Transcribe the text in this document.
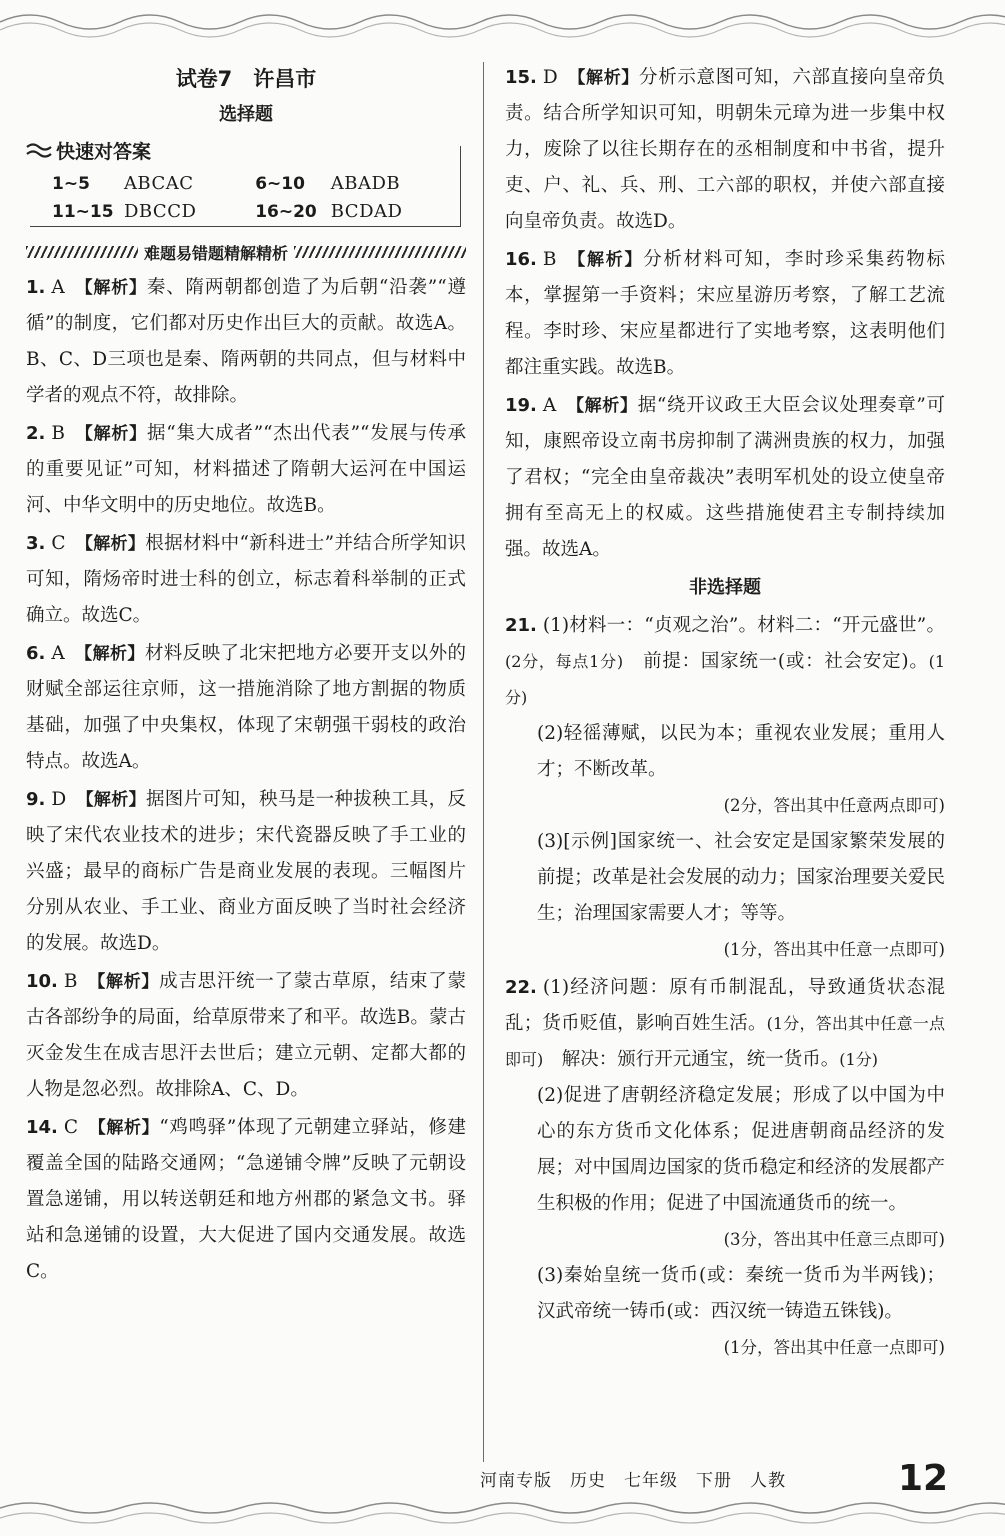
试卷7　许昌市
选择题
快速对答案
1~5	ABCAC	6~10	ABADB
11~15 DBCCD	16~20 BCDAD
难题易错题精解精析
1. A 【解析】秦、隋两朝都创造了为后朝“沿袭”“遵循”的制度，它们都对历史作出巨大的贡献。故选A。B、C、D三项也是秦、隋两朝的共同点，但与材料中学者的观点不符，故排除。
2. B 【解析】据“集大成者”“杰出代表”“发展与传承的重要见证”可知，材料描述了隋朝大运河在中国运河、中华文明中的历史地位。故选B。
3. C 【解析】根据材料中“新科进士”并结合所学知识可知，隋炀帝时进士科的创立，标志着科举制的正式确立。故选C。
6. A 【解析】材料反映了北宋把地方必要开支以外的财赋全部运往京师，这一措施消除了地方割据的物质基础，加强了中央集权，体现了宋朝强干弱枝的政治特点。故选A。
9. D 【解析】据图片可知，秧马是一种拔秧工具，反映了宋代农业技术的进步；宋代瓷器反映了手工业的兴盛；最早的商标广告是商业发展的表现。三幅图片分别从农业、手工业、商业方面反映了当时社会经济的发展。故选D。
10. B 【解析】成吉思汗统一了蒙古草原，结束了蒙古各部纷争的局面，给草原带来了和平。故选B。蒙古灭金发生在成吉思汗去世后；建立元朝、定都大都的人物是忽必烈。故排除A、C、D。
14. C 【解析】“鸡鸣驿”体现了元朝建立驿站，修建覆盖全国的陆路交通网；“急递铺令牌”反映了元朝设置急递铺，用以转送朝廷和地方州郡的紧急文书。驿站和急递铺的设置，大大促进了国内交通发展。故选C。
15. D 【解析】分析示意图可知，六部直接向皇帝负责。结合所学知识可知，明朝朱元璋为进一步集中权力，废除了以往长期存在的丞相制度和中书省，提升吏、户、礼、兵、刑、工六部的职权，并使六部直接向皇帝负责。故选D。
16. B 【解析】分析材料可知，李时珍采集药物标本，掌握第一手资料；宋应星游历考察，了解工艺流程。李时珍、宋应星都进行了实地考察，这表明他们都注重实践。故选B。
19. A 【解析】据“绕开议政王大臣会议处理奏章”可知，康熙帝设立南书房抑制了满洲贵族的权力，加强了君权；“完全由皇帝裁决”表明军机处的设立使皇帝拥有至高无上的权威。这些措施使君主专制持续加强。故选A。
非选择题
21. (1)材料一：“贞观之治”。材料二：“开元盛世”。(2分，每点1分)　前提：国家统一(或：社会安定)。(1分)
(2)轻徭薄赋，以民为本；重视农业发展；重用人才；不断改革。
(2分，答出其中任意两点即可)
(3)[示例]国家统一、社会安定是国家繁荣发展的前提；改革是社会发展的动力；国家治理要关爱民生；治理国家需要人才；等等。
(1分，答出其中任意一点即可)
22. (1)经济问题：原有币制混乱，导致通货状态混乱；货币贬值，影响百姓生活。(1分，答出其中任意一点即可)　解决：颁行开元通宝，统一货币。(1分)
(2)促进了唐朝经济稳定发展；形成了以中国为中心的东方货币文化体系；促进唐朝商品经济的发展；对中国周边国家的货币稳定和经济的发展都产生积极的作用；促进了中国流通货币的统一。
(3分，答出其中任意三点即可)
(3)秦始皇统一货币(或：秦统一货币为半两钱)；汉武帝统一铸币(或：西汉统一铸造五铢钱)。
(1分，答出其中任意一点即可)
河南专版　历史　七年级　下册　人教	12
